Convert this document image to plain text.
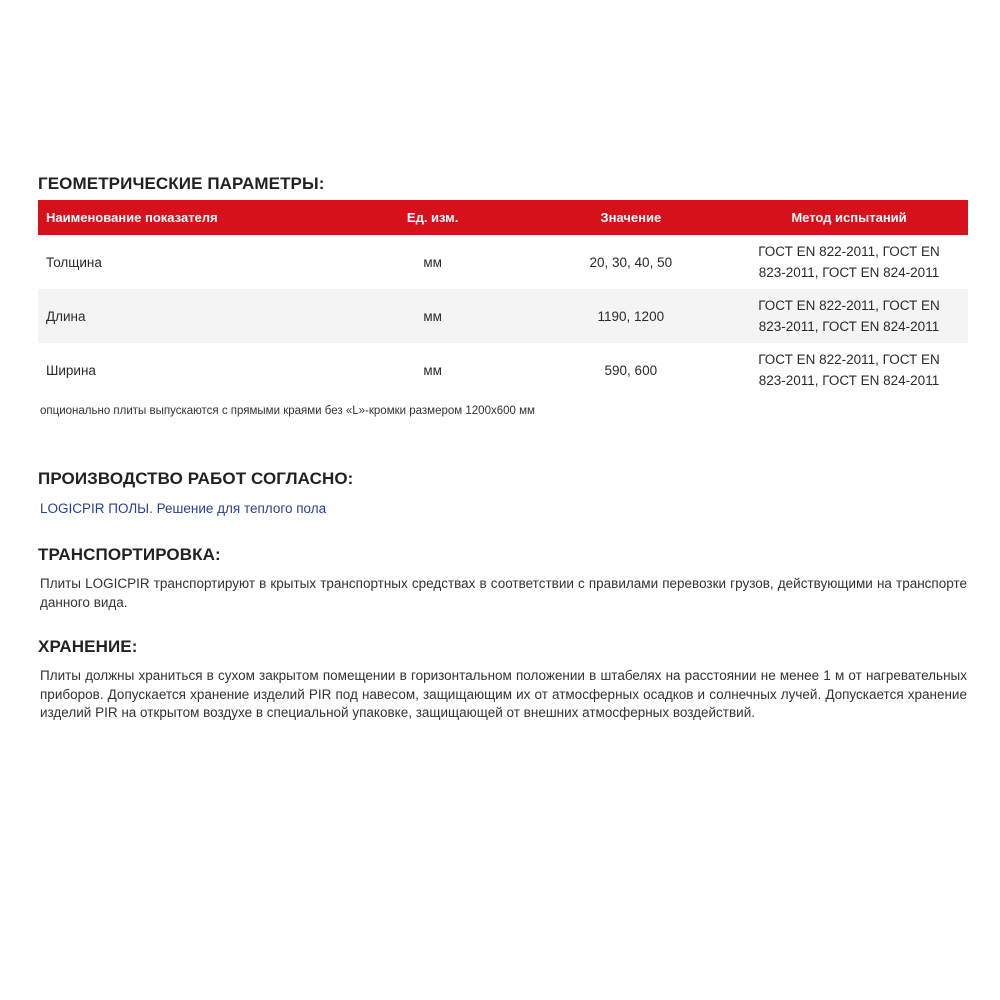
ГЕОМЕТРИЧЕСКИЕ ПАРАМЕТРЫ:
Наименование показателя	Ед. изм.	Значение	Метод испытаний
Толщина	мм	20, 30, 40, 50	ГОСТ EN 822-2011, ГОСТ EN
823-2011, ГОСТ EN 824-2011
Длина	мм	1190, 1200	ГОСТ EN 822-2011, ГОСТ EN
823-2011, ГОСТ EN 824-2011
Ширина	мм	590, 600	ГОСТ EN 822-2011, ГОСТ EN
823-2011, ГОСТ EN 824-2011
опционально плиты выпускаются с прямыми краями без «L»-кромки размером 1200х600 мм
ПРОИЗВОДСТВО РАБОТ СОГЛАСНО:
LOGICPIR ПОЛЫ. Решение для теплого пола
ТРАНСПОРТИРОВКА:
Плиты LOGICPIR транспортируют в крытых транспортных средствах в соответствии с правилами перевозки грузов, действующими на транспорте данного вида.
ХРАНЕНИЕ:
Плиты должны храниться в сухом закрытом помещении в горизонтальном положении в штабелях на расстоянии не менее 1 м от нагревательных приборов. Допускается хранение изделий PIR под навесом, защищающим их от атмосферных осадков и солнечных лучей. Допускается хранение изделий PIR на открытом воздухе в специальной упаковке, защищающей от внешних атмосферных воздействий.
